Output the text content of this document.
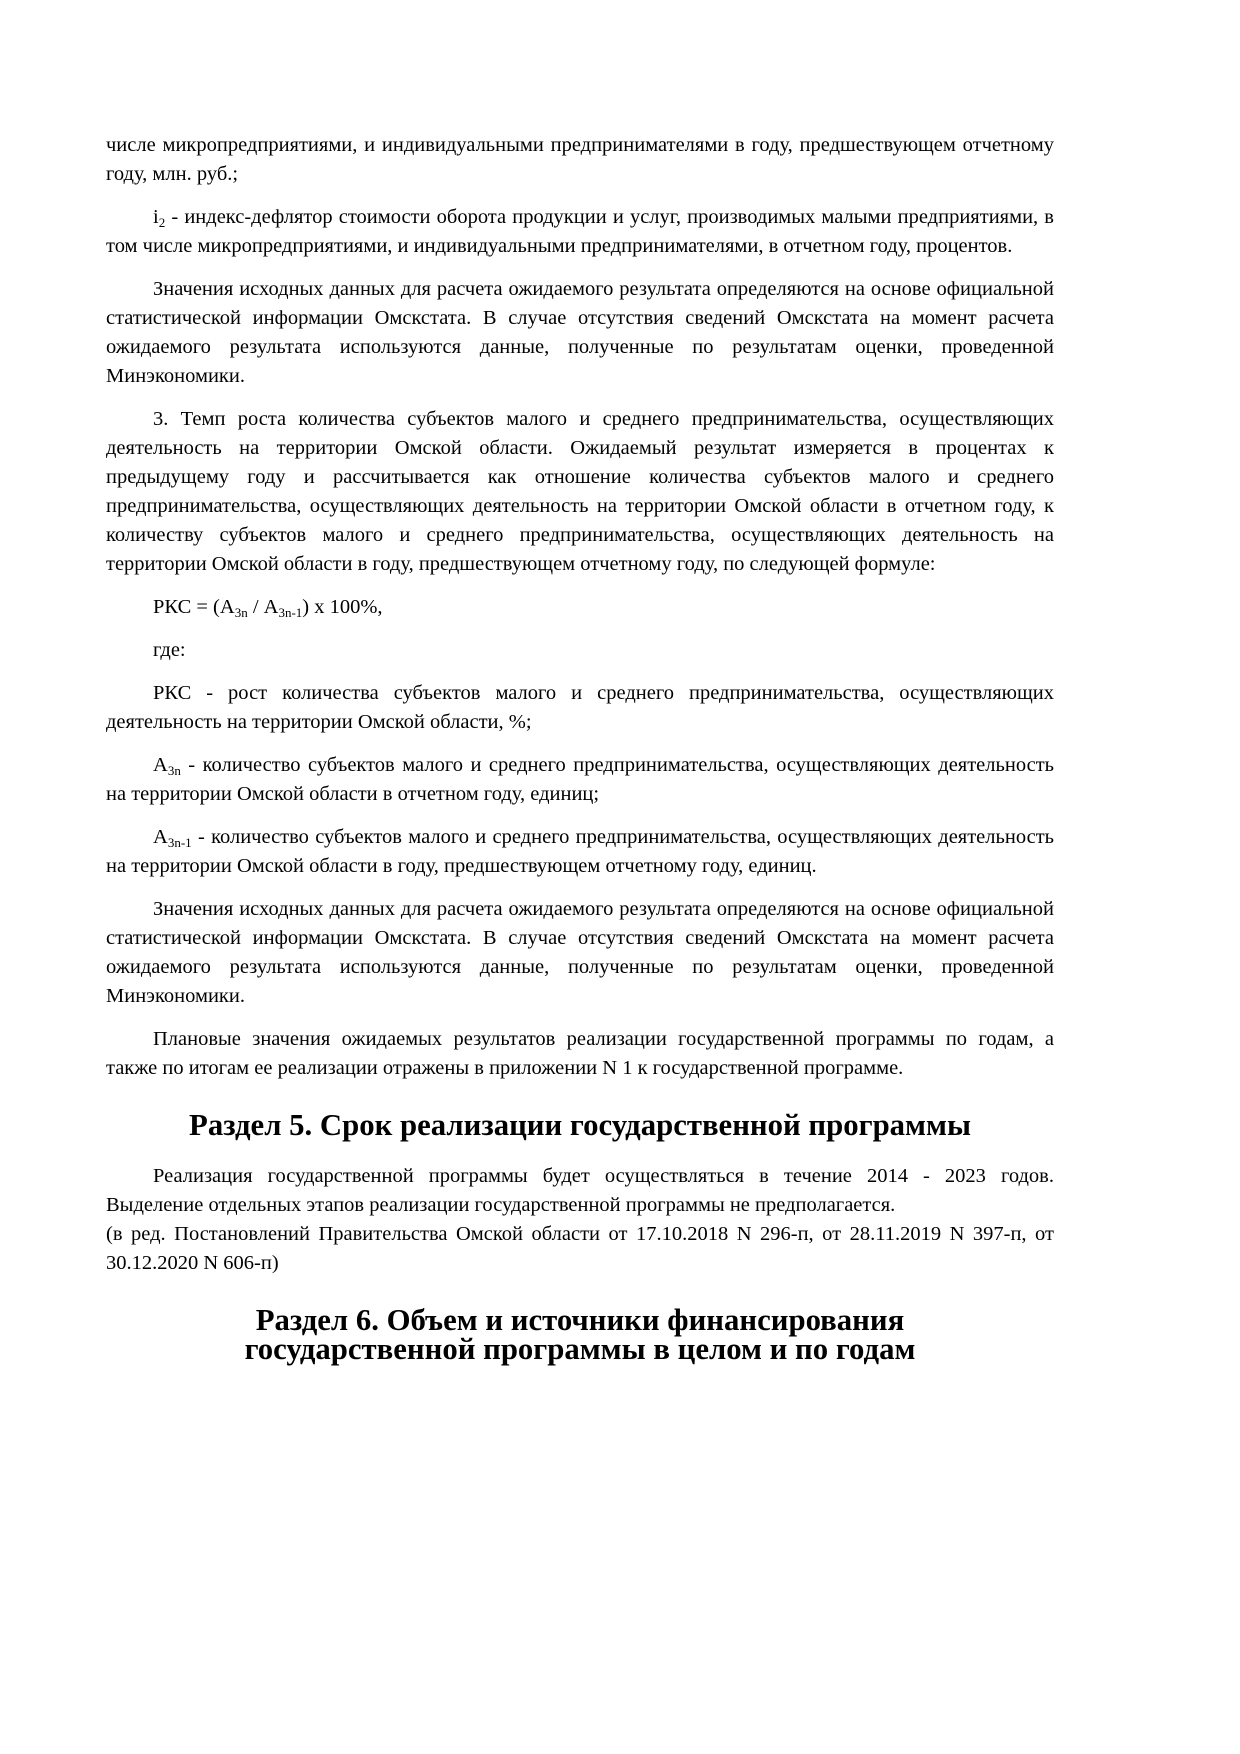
числе микропредприятиями, и индивидуальными предпринимателями в году, предшествующем отчетному году, млн. руб.;

$i_2$ - индекс-дефлятор стоимости оборота продукции и услуг, производимых малыми предприятиями, в том числе микропредприятиями, и индивидуальными предпринимателями, в отчетном году, процентов.

Значения исходных данных для расчета ожидаемого результата определяются на основе официальной статистической информации Омскстата. В случае отсутствия сведений Омскстата на момент расчета ожидаемого результата используются данные, полученные по результатам оценки, проведенной Минэкономики.

3. Темп роста количества субъектов малого и среднего предпринимательства, осуществляющих деятельность на территории Омской области. Ожидаемый результат измеряется в процентах к предыдущему году и рассчитывается как отношение количества субъектов малого и среднего предпринимательства, осуществляющих деятельность на территории Омской области в отчетном году, к количеству субъектов малого и среднего предпринимательства, осуществляющих деятельность на территории Омской области в году, предшествующем отчетному году, по следующей формуле:

РКС = $(А_{3n} / А_{3n-1})$ х 100%,

где:

РКС - рост количества субъектов малого и среднего предпринимательства, осуществляющих деятельность на территории Омской области, %;

$А_{3n}$ - количество субъектов малого и среднего предпринимательства, осуществляющих деятельность на территории Омской области в отчетном году, единиц;

$А_{3n-1}$ - количество субъектов малого и среднего предпринимательства, осуществляющих деятельность на территории Омской области в году, предшествующем отчетному году, единиц.

Значения исходных данных для расчета ожидаемого результата определяются на основе официальной статистической информации Омскстата. В случае отсутствия сведений Омскстата на момент расчета ожидаемого результата используются данные, полученные по результатам оценки, проведенной Минэкономики.

Плановые значения ожидаемых результатов реализации государственной программы по годам, а также по итогам ее реализации отражены в приложении N 1 к государственной программе.

Раздел 5. Срок реализации государственной программы

Реализация государственной программы будет осуществляться в течение 2014 - 2023 годов. Выделение отдельных этапов реализации государственной программы не предполагается.

(в ред. Постановлений Правительства Омской области от 17.10.2018 N 296-п, от 28.11.2019 N 397-п, от 30.12.2020 N 606-п)

Раздел 6. Объем и источники финансирования
государственной программы в целом и по годам
